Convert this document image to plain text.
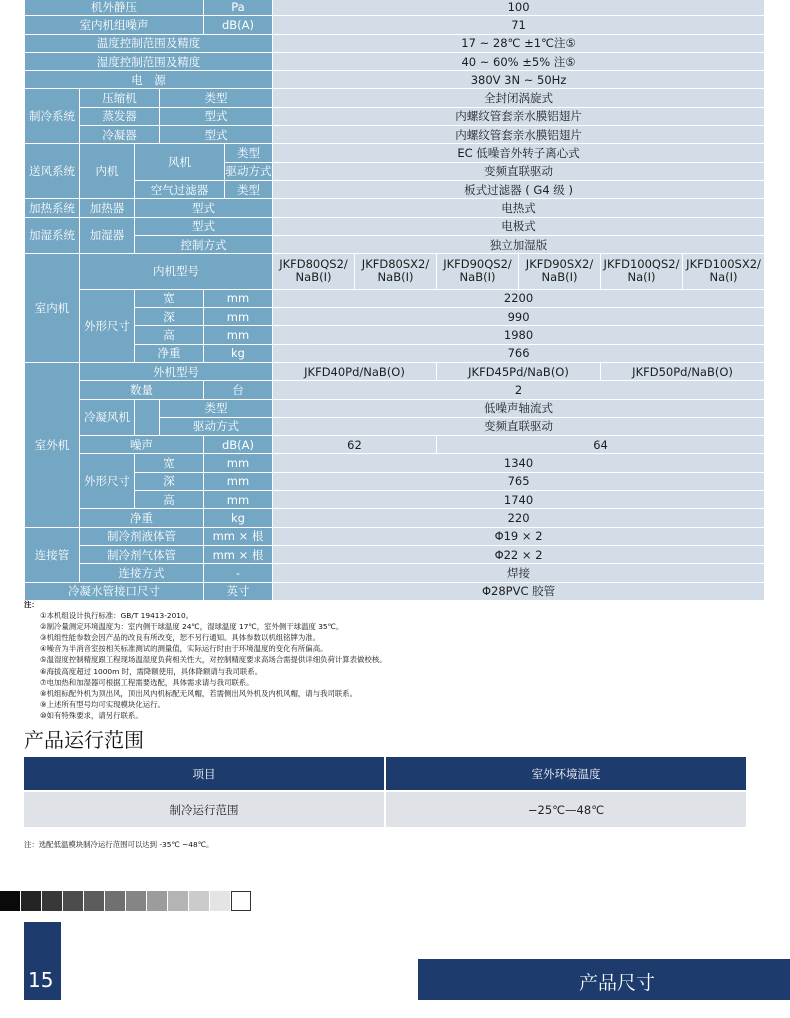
机外静压				Pa		100					
室内机组噪声				dB(A)		71					
温度控制范围及精度						17 ~ 28℃ ±1℃注⑤					
湿度控制范围及精度						40 ~ 60% ±5% 注⑤					
电　源						380V 3N ~ 50Hz					
制冷系统	压缩机		类型			全封闭涡旋式					
	蒸发器		型式			内螺纹管套亲水膜铝翅片					
	冷凝器		型式			内螺纹管套亲水膜铝翅片					
送风系统	内机	风机			类型	EC 低噪音外转子离心式					
					驱动方式	变频直联驱动					
		空气过滤器			类型	板式过滤器 ( G4 级 )					
加热系统	加热器	型式				电热式					
加湿系统	加湿器	型式				电极式					
		控制方式				独立加湿版					
室内机	内机型号					JKFD80QS2/ NaB(I)	JKFD80SX2/ NaB(I)	JKFD90QS2/ NaB(I)	JKFD90SX2/ NaB(I)	JKFD100QS2/ Na(I)	JKFD100SX2/ Na(I)
	外形尺寸	宽		mm		2200					
		深		mm		990					
		高		mm		1980					
		净重		kg		766					
室外机	外机型号					JKFD40Pd/NaB(O)		JKFD45Pd/NaB(O)		JKFD50Pd/NaB(O)	
	数量			台		2					
	冷凝风机		类型			低噪声轴流式					
			驱动方式			变频直联驱动					
	噪声			dB(A)		62		64			
	外形尺寸	宽		mm		1340					
		深		mm		765					
		高		mm		1740					
	净重			kg		220					
连接管	制冷剂液体管			mm × 根		Φ19 × 2					
	制冷剂气体管			mm × 根		Φ22 × 2					
	连接方式			-		焊接					
冷凝水管接口尺寸				英寸		Φ28PVC 胶管					
注：
①本机组设计执行标准：GB/T 19413-2010。
②制冷量测定环境温度为：室内侧干球温度 24℃，湿球温度 17℃，室外侧干球温度 35℃。
③机组性能参数会因产品的改良有所改变，恕不另行通知。具体参数以机组铭牌为准。
④噪音为半消音室按相关标准测试的测量值，实际运行时由于环境温度的变化有所偏高。
⑤温湿度控制精度跟工程现场温湿度负荷相关性大，对控制精度要求高场合需提供详细负荷计算表做校核。
⑥海拔高度超过 1000m 时，需降额使用，具体降额请与我司联系。
⑦电加热和加湿器可根据工程需要选配，具体需求请与我司联系。
⑧机组标配外机为顶出风，顶出风内机标配无风帽，若需侧出风外机及内机风帽，请与我司联系。
⑨上述所有型号均可实现模块化运行。
⑩如有特殊要求，请另行联系。
产品运行范围
项目	室外环境温度

制冷运行范围	−25℃—48℃
注：选配低温模块制冷运行范围可以达到 -35℃ ~48℃。
15	产品尺寸
